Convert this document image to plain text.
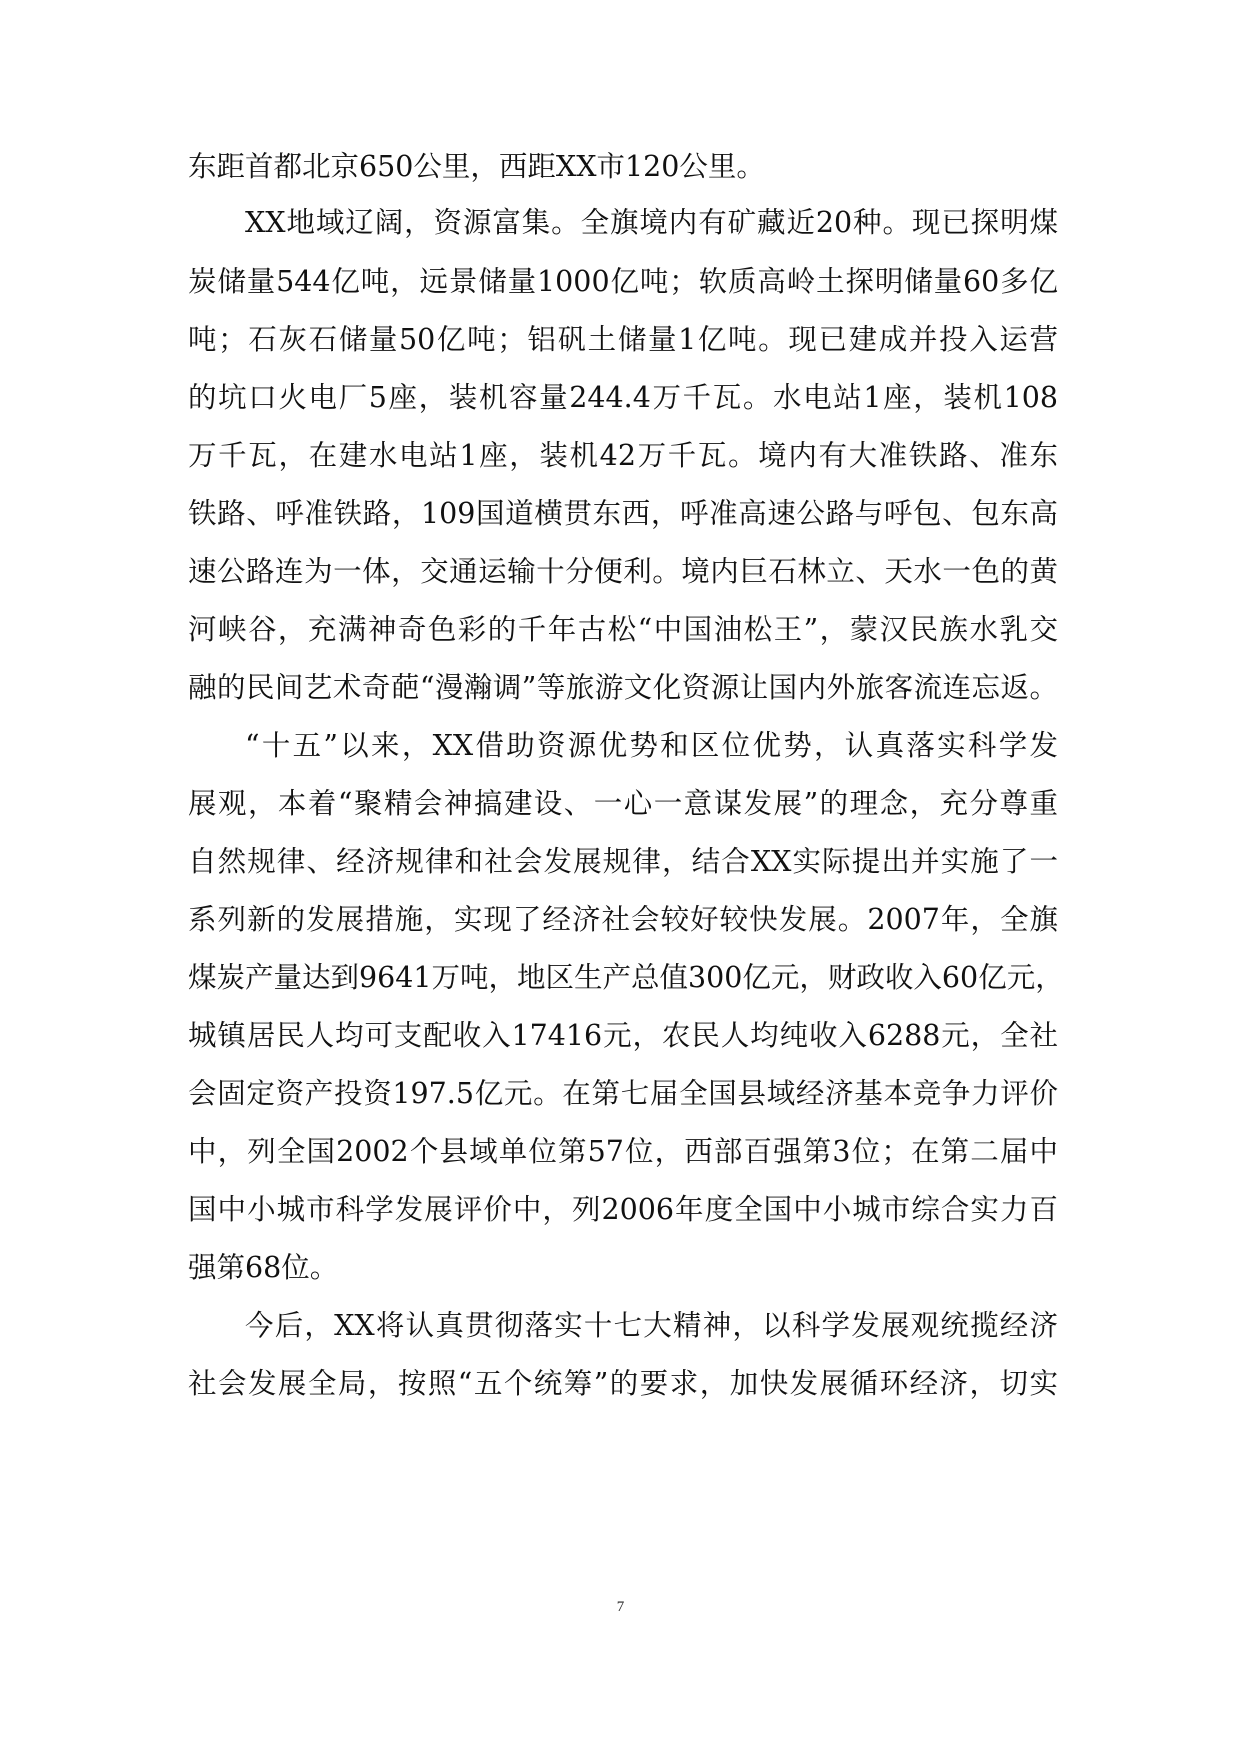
东距首都北京650公里，西距XX市120公里。
XX地域辽阔，资源富集。全旗境内有矿藏近20种。现已探明煤
炭储量544亿吨，远景储量1000亿吨；软质高岭土探明储量60多亿
吨；石灰石储量50亿吨；铝矾土储量1亿吨。现已建成并投入运营
的坑口火电厂5座，装机容量244.4万千瓦。水电站1座，装机108
万千瓦，在建水电站1座，装机42万千瓦。境内有大准铁路、准东
铁路、呼准铁路，109国道横贯东西，呼准高速公路与呼包、包东高
速公路连为一体，交通运输十分便利。境内巨石林立、天水一色的黄
河峡谷，充满神奇色彩的千年古松“中国油松王”，蒙汉民族水乳交
融的民间艺术奇葩“漫瀚调”等旅游文化资源让国内外旅客流连忘返。
“十五”以来，XX借助资源优势和区位优势，认真落实科学发
展观，本着“聚精会神搞建设、一心一意谋发展”的理念，充分尊重
自然规律、经济规律和社会发展规律，结合XX实际提出并实施了一
系列新的发展措施，实现了经济社会较好较快发展。2007年，全旗
煤炭产量达到9641万吨，地区生产总值300亿元，财政收入60亿元，
城镇居民人均可支配收入17416元，农民人均纯收入6288元，全社
会固定资产投资197.5亿元。在第七届全国县域经济基本竞争力评价
中，列全国2002个县域单位第57位，西部百强第3位；在第二届中
国中小城市科学发展评价中，列2006年度全国中小城市综合实力百
强第68位。
今后，XX将认真贯彻落实十七大精神，以科学发展观统揽经济
社会发展全局，按照“五个统筹”的要求，加快发展循环经济，切实
7
